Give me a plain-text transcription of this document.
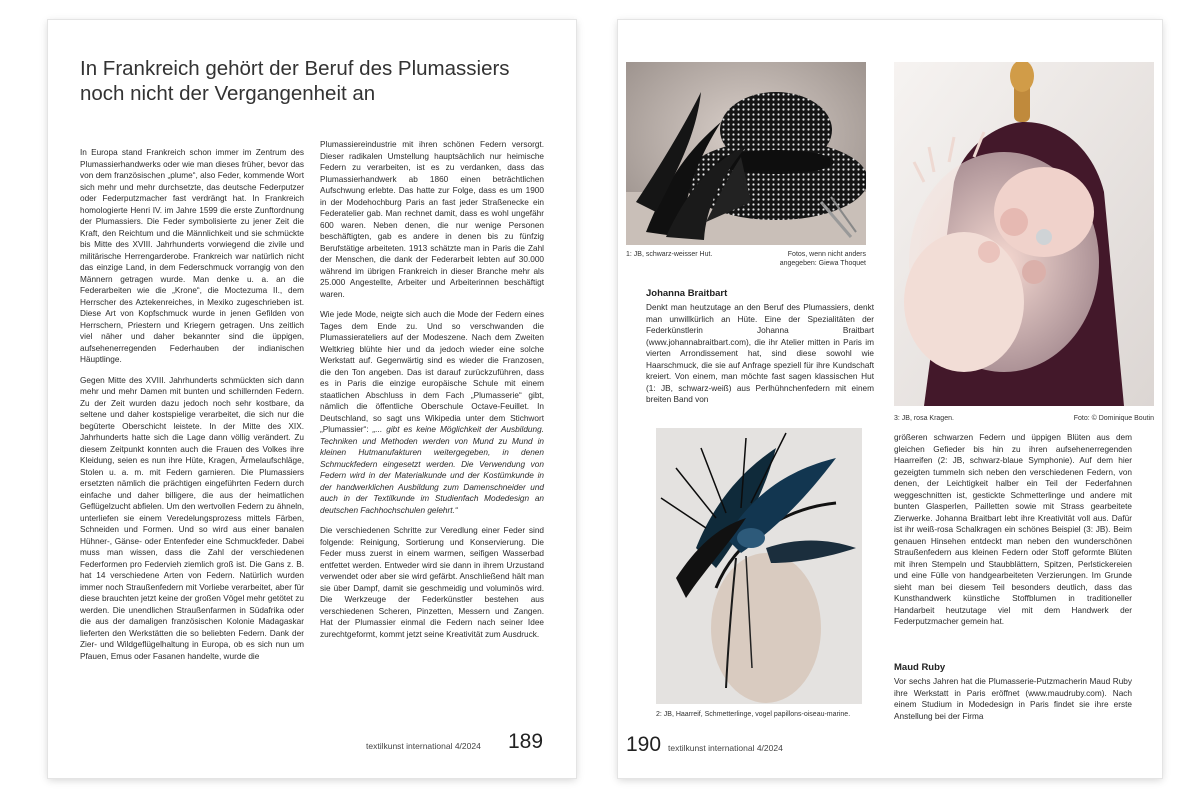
In Frankreich gehört der Beruf des Plumassiers noch nicht der Vergangenheit an

In Europa stand Frankreich schon immer im Zentrum des Plumassierhandwerks oder wie man dieses früher, bevor das von dem französischen „plume“, also Feder, kommende Wort sich mehr und mehr durchsetzte, das deutsche Federputzer oder Federputzmacher fast verdrängt hat. In Frankreich homologierte Henri IV. im Jahre 1599 die erste Zunftordnung der Plumassiers. Die Feder symbolisierte zu jener Zeit die Kraft, den Reichtum und die Männlichkeit und sie schmückte bis Mitte des XVIII. Jahrhunderts vorwiegend die zivile und militärische Herrengarderobe. Frankreich war natürlich nicht das einzige Land, in dem Federschmuck vorrangig von den Männern getragen wurde. Man denke u. a. an die Federarbeiten wie die „Krone“, die Moctezuma II., dem Herrscher des Aztekenreiches, in Mexiko zugeschrieben ist. Diese Art von Kopfschmuck wurde in jenen Gefilden von Herrschern, Priestern und Kriegern getragen. Uns zeitlich viel näher und daher bekannter sind die üppigen, aufsehenerregenden Federhauben der indianischen Häuptlinge.

Gegen Mitte des XVIII. Jahrhunderts schmückten sich dann mehr und mehr Damen mit bunten und schillernden Federn. Zu der Zeit wurden dazu jedoch noch sehr kostbare, da seltene und daher kostspielige verarbeitet, die sich nur die begüterte Oberschicht leistete. In der Mitte des XIX. Jahrhunderts hatte sich die Lage dann völlig verändert. Zu diesem Zeitpunkt konnten auch die Frauen des Volkes ihre Kleidung, seien es nun ihre Hüte, Kragen, Ärmelaufschläge, Stolen u. a. m. mit Federn garnieren. Die Plumassiers ersetzten nämlich die prächtigen eingeführten Federn durch einfache und daher billigere, die aus der heimatlichen Geflügelzucht abfielen. Um den wertvollen Federn zu ähneln, unterliefen sie einem Veredelungsprozess mittels Färben, Schneiden und Formen. Und so wird aus einer banalen Hühner-, Gänse- oder Entenfeder eine Schmuckfeder. Dabei muss man wissen, dass die Zahl der verschiedenen Federformen pro Federvieh ziemlich groß ist. Die Gans z. B. hat 14 verschiedene Arten von Federn. Natürlich wurden immer noch Straußenfedern mit Vorliebe verarbeitet, aber für diese brauchten jetzt keine der großen Vögel mehr getötet zu werden. Die unendlichen Straußenfarmen in Südafrika oder die aus der damaligen französischen Kolonie Madagaskar lieferten den Werkstätten die so beliebten Federn. Dank der Zier- und Wildgeflügelhaltung in Europa, ob es sich nun um Pfauen, Emus oder Fasanen handelte, wurde die

Plumassiereindustrie mit ihren schönen Federn versorgt. Dieser radikalen Umstellung hauptsächlich nur heimische Federn zu verarbeiten, ist es zu verdanken, dass das Plumassierhandwerk ab 1860 einen beträchtlichen Aufschwung erlebte. Das hatte zur Folge, dass es um 1900 in der Modehochburg Paris an fast jeder Straßenecke ein Federatelier gab. Man rechnet damit, dass es wohl ungefähr 600 waren. Neben denen, die nur wenige Personen beschäftigten, gab es andere in denen bis zu fünfzig Berufstätige arbeiteten. 1913 schätzte man in Paris die Zahl der Menschen, die dank der Federarbeit lebten auf 30.000 während im übrigen Frankreich in dieser Branche mehr als 25.000 Angestellte, Arbeiter und Arbeiterinnen beschäftigt waren.

Wie jede Mode, neigte sich auch die Mode der Federn eines Tages dem Ende zu. Und so verschwanden die Plumassierateliers auf der Modeszene. Nach dem Zweiten Weltkrieg blühte hier und da jedoch wieder eine solche Werkstatt auf. Gegenwärtig sind es wieder die Franzosen, die den Ton angeben. Das ist darauf zurückzuführen, dass es in Paris die einzige europäische Schule mit einem staatlichen Abschluss in dem Fach „Plumasserie“ gibt, nämlich die öffentliche Oberschule Octave-Feuillet. In Deutschland, so sagt uns Wikipedia unter dem Stichwort „Plumassier“: „... gibt es keine Möglichkeit der Ausbildung. Techniken und Methoden werden von Mund zu Mund in kleinen Hutmanufakturen weitergegeben, in denen Schmuckfedern eingesetzt werden. Die Verwendung von Federn wird in der Materialkunde und der Kostümkunde in der handwerklichen Ausbildung zum Damenschneider und auch in der Textilkunde im Studienfach Modedesign an deutschen Fachhochschulen gelehrt.“

Die verschiedenen Schritte zur Veredlung einer Feder sind folgende: Reinigung, Sortierung und Konservierung. Die Feder muss zuerst in einem warmen, seifigen Wasserbad entfettet werden. Entweder wird sie dann in ihrem Urzustand verwendet oder aber sie wird gefärbt. Anschließend hält man sie über Dampf, damit sie geschmeidig und voluminös wird. Die Werkzeuge der Federkünstler bestehen aus verschiedenen Scheren, Pinzetten, Messern und Zangen. Hat der Plumassier einmal die Federn nach seiner Idee zurechtgeformt, kommt jetzt seine Kreativität zum Ausdruck.

textilkunst international 4/2024 189
1: JB, schwarz-weisser Hut.	Fotos, wenn nicht anders angegeben: Giewa Thoquet
3: JB, rosa Kragen.	Foto: © Dominique Boutin
Johanna Braitbart

Denkt man heutzutage an den Beruf des Plumassiers, denkt man unwillkürlich an Hüte. Eine der Spezialitäten der Federkünstlerin Johanna Braitbart (www.johannabraitbart.com), die ihr Atelier mitten in Paris im vierten Arrondissement hat, sind diese sowohl wie Haarschmuck, die sie auf Anfrage speziell für ihre Kundschaft kreiert. Von einem, man möchte fast sagen klassischen Hut (1: JB, schwarz-weiß) aus Perlhühnchenfedern mit einem breiten Band von

2: JB, Haarreif, Schmetterlinge, vogel papillons-oiseau-marine.

größeren schwarzen Federn und üppigen Blüten aus dem gleichen Gefieder bis hin zu ihren aufsehenerregenden Haarreifen (2: JB, schwarz-blaue Symphonie). Auf dem hier gezeigten tummeln sich neben den verschiedenen Federn, von denen, der Leichtigkeit halber ein Teil der Federfahnen weggeschnitten ist, gestickte Schmetterlinge und andere mit bunten Glasperlen, Pailletten sowie mit Strass gearbeitete Zierwerke. Johanna Braitbart lebt ihre Kreativität voll aus. Dafür ist ihr weiß-rosa Schalkragen ein schönes Beispiel (3: JB). Beim genauen Hinsehen entdeckt man neben den wunderschönen Straußenfedern aus kleinen Federn oder Stoff geformte Blüten mit ihren Stempeln und Staubblättern, Spitzen, Perlstickereien und eine Fülle von handgearbeiteten Verzierungen. Im Grunde sieht man bei diesem Teil besonders deutlich, dass das Kunsthandwerk künstliche Stoffblumen in traditioneller Handarbeit heutzutage viel mit dem Handwerk der Federputzmacher gemein hat.

Maud Ruby

Vor sechs Jahren hat die Plumasserie-Putzmacherin Maud Ruby ihre Werkstatt in Paris eröffnet (www.maudruby.com). Nach einem Studium in Modedesign in Paris findet sie ihre erste Anstellung bei der Firma

190 textilkunst international 4/2024
